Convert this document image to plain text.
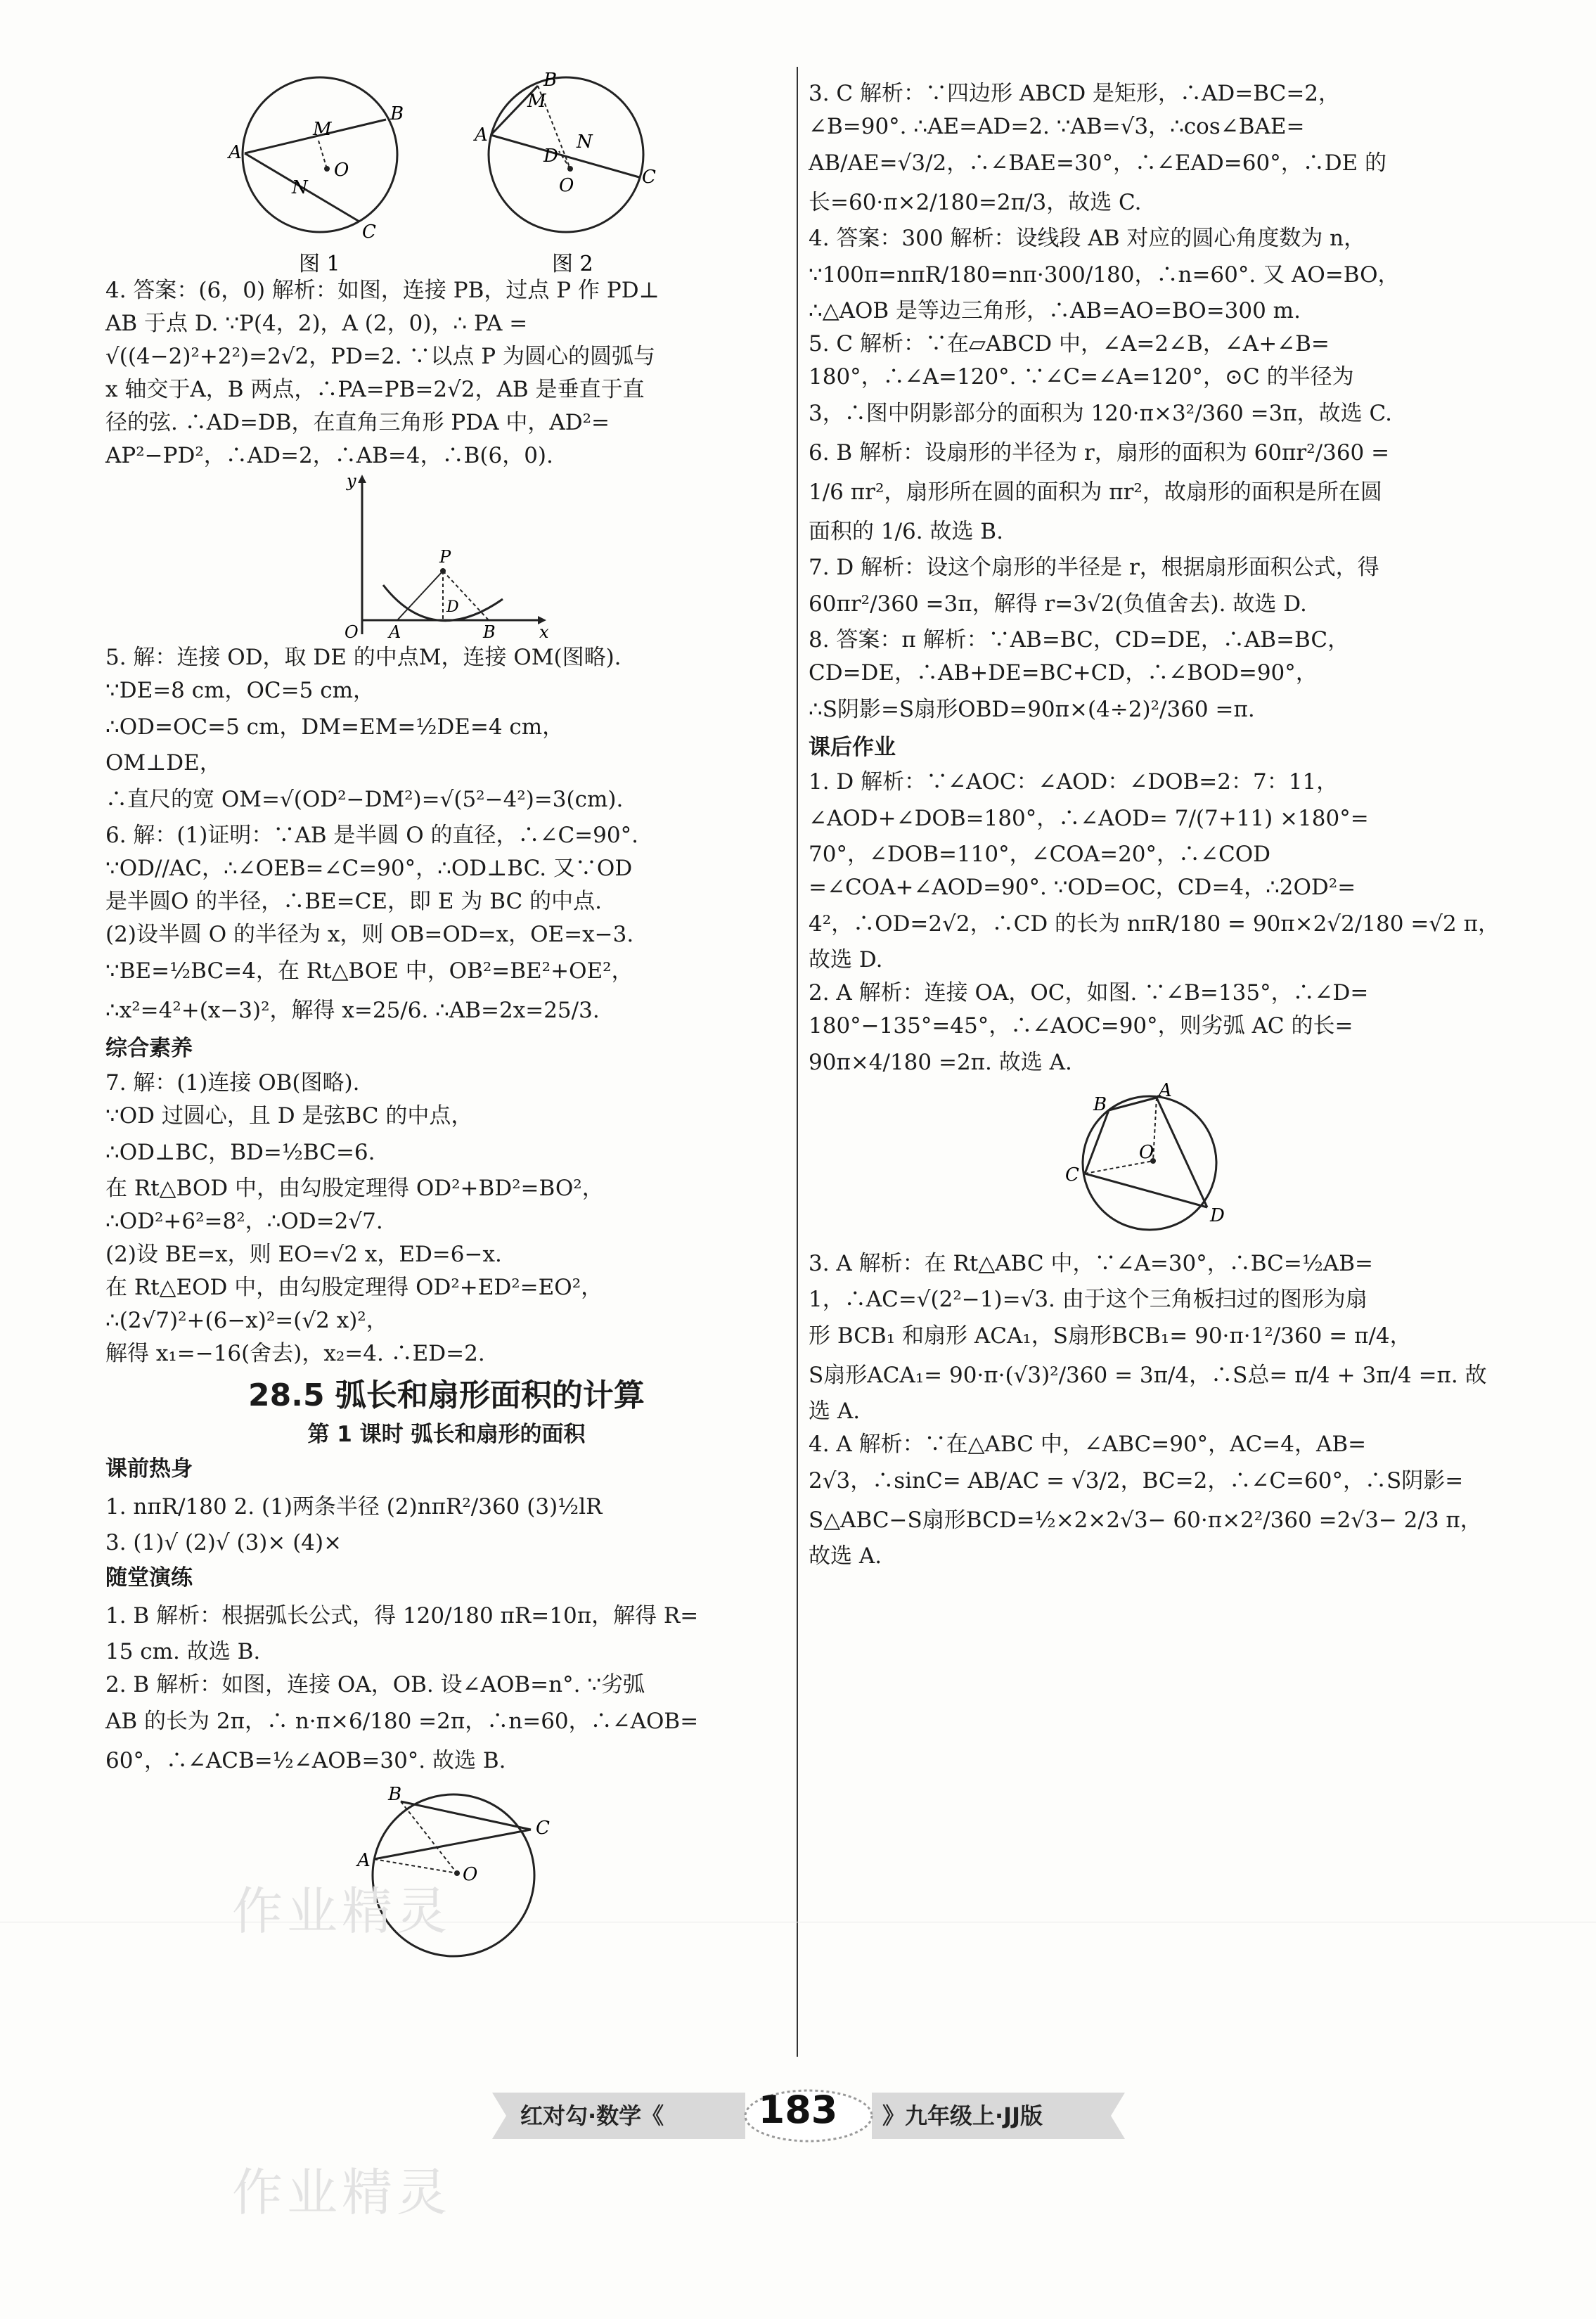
A
B
C
M
N
O
A
B
C
M
N
D
O
图 1	图 2
4. 答案：(6，0) 解析：如图，连接 PB，过点 P 作 PD⊥
AB 于点 D. ∵P(4，2)，A (2，0)，∴ PA =
√((4−2)²+2²)=2√2，PD=2. ∵以点 P 为圆心的圆弧与
x 轴交于A，B 两点，∴PA=PB=2√2，AB 是垂直于直
径的弦. ∴AD=DB，在直角三角形 PDA 中，AD²=
AP²−PD²，∴AD=2，∴AB=4，∴B(6，0).
y
P
O A
D
B	x
5. 解：连接 OD，取 DE 的中点M，连接 OM(图略).
∵DE=8 cm，OC=5 cm，
∴OD=OC=5 cm，DM=EM=½DE=4 cm，
OM⊥DE，
∴直尺的宽 OM=√(OD²−DM²)=√(5²−4²)=3(cm).
6. 解：(1)证明：∵AB 是半圆 O 的直径，∴∠C=90°.
∵OD//AC，∴∠OEB=∠C=90°，∴OD⊥BC. 又∵OD
是半圆O 的半径，∴BE=CE，即 E 为 BC 的中点.
(2)设半圆 O 的半径为 x，则 OB=OD=x，OE=x−3.
∵BE=½BC=4，在 Rt△BOE 中，OB²=BE²+OE²，
∴x²=4²+(x−3)²，解得 x=25/6. ∴AB=2x=25/3.
综合素养
7. 解：(1)连接 OB(图略).
∵OD 过圆心，且 D 是弦BC 的中点，
∴OD⊥BC，BD=½BC=6.
在 Rt△BOD 中，由勾股定理得 OD²+BD²=BO²，
∴OD²+6²=8²，∴OD=2√7.
(2)设 BE=x，则 EO=√2 x，ED=6−x.
在 Rt△EOD 中，由勾股定理得 OD²+ED²=EO²，
∴(2√7)²+(6−x)²=(√2 x)²，
解得 x₁=−16(舍去)，x₂=4. ∴ED=2.
28.5 弧长和扇形面积的计算
第 1 课时 弧长和扇形的面积
课前热身
1. nπR/180 2. (1)两条半径 (2)nπR²/360 (3)½lR
3. (1)√ (2)√ (3)× (4)×
随堂演练
1. B 解析：根据弧长公式，得 120/180 πR=10π，解得 R=
15 cm. 故选 B.
2. B 解析：如图，连接 OA，OB. 设∠AOB=n°. ∵劣弧
AB 的长为 2π，∴ n·π×6/180 =2π，∴n=60，∴∠AOB=
60°，∴∠ACB=½∠AOB=30°. 故选 B.
B
C
A
O
3. C 解析：∵四边形 ABCD 是矩形，∴AD=BC=2，
∠B=90°. ∴AE=AD=2. ∵AB=√3，∴cos∠BAE=
AB/AE=√3/2，∴∠BAE=30°，∴∠EAD=60°，∴DE 的
长=60·π×2/180=2π/3，故选 C.
4. 答案：300 解析：设线段 AB 对应的圆心角度数为 n，
∵100π=nπR/180=nπ·300/180，∴n=60°. 又 AO=BO，
∴△AOB 是等边三角形，∴AB=AO=BO=300 m.
5. C 解析：∵在▱ABCD 中，∠A=2∠B，∠A+∠B=
180°，∴∠A=120°. ∵∠C=∠A=120°，⊙C 的半径为
3，∴图中阴影部分的面积为 120·π×3²/360 =3π，故选 C.
6. B 解析：设扇形的半径为 r，扇形的面积为 60πr²/360 =
1/6 πr²，扇形所在圆的面积为 πr²，故扇形的面积是所在圆
面积的 1/6. 故选 B.
7. D 解析：设这个扇形的半径是 r，根据扇形面积公式，得
60πr²/360 =3π，解得 r=3√2(负值舍去). 故选 D.
8. 答案：π 解析：∵AB=BC，CD=DE，∴AB=BC，
CD=DE，∴AB+DE=BC+CD，∴∠BOD=90°，
∴S阴影=S扇形OBD=90π×(4÷2)²/360 =π.
课后作业
1. D 解析：∵∠AOC：∠AOD：∠DOB=2：7：11，
∠AOD+∠DOB=180°，∴∠AOD= 7/(7+11) ×180°=
70°，∠DOB=110°，∠COA=20°，∴∠COD
=∠COA+∠AOD=90°. ∵OD=OC，CD=4，∴2OD²=
4²，∴OD=2√2，∴CD 的长为 nπR/180 = 90π×2√2/180 =√2 π，
故选 D.
2. A 解析：连接 OA，OC，如图. ∵∠B=135°，∴∠D=
180°−135°=45°，∴∠AOC=90°，则劣弧 AC 的长=
90π×4/180 =2π. 故选 A.
B
A
C
O
D
3. A 解析：在 Rt△ABC 中，∵∠A=30°，∴BC=½AB=
1，∴AC=√(2²−1)=√3. 由于这个三角板扫过的图形为扇
形 BCB₁ 和扇形 ACA₁，S扇形BCB₁= 90·π·1²/360 = π/4，
S扇形ACA₁= 90·π·(√3)²/360 = 3π/4，∴S总= π/4 + 3π/4 =π. 故
选 A.
4. A 解析：∵在△ABC 中，∠ABC=90°，AC=4，AB=
2√3，∴sinC= AB/AC = √3/2，BC=2，∴∠C=60°，∴S阴影=
S△ABC−S扇形BCD=½×2×2√3− 60·π×2²/360 =2√3− 2/3 π，
故选 A.
作业精灵
作业精灵
红对勾·数学《	183	》九年级上·JJ版
